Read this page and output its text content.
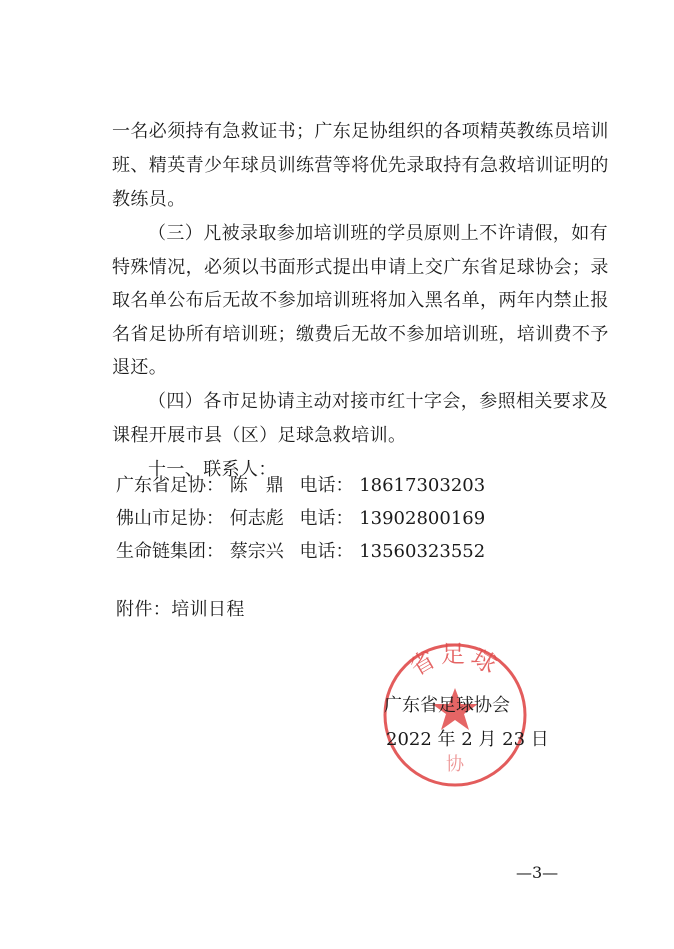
一名必须持有急救证书；广东足协组织的各项精英教练员培训
班、精英青少年球员训练营等将优先录取持有急救培训证明的
教练员。
（三）凡被录取参加培训班的学员原则上不许请假，如有
特殊情况，必须以书面形式提出申请上交广东省足球协会；录
取名单公布后无故不参加培训班将加入黑名单，两年内禁止报
名省足协所有培训班；缴费后无故不参加培训班，培训费不予
退还。
（四）各市足协请主动对接市红十字会，参照相关要求及
课程开展市县（区）足球急救培训。
十一、联系人：
广东省足协： 陈　鼎 电话： 18617303203
佛山市足协： 何志彪 电话： 13902800169
生命链集团： 蔡宗兴 电话： 13560323552
附件：培训日程
省足球
协
广东省足球协会
2022 年 2 月 23 日
—3—
